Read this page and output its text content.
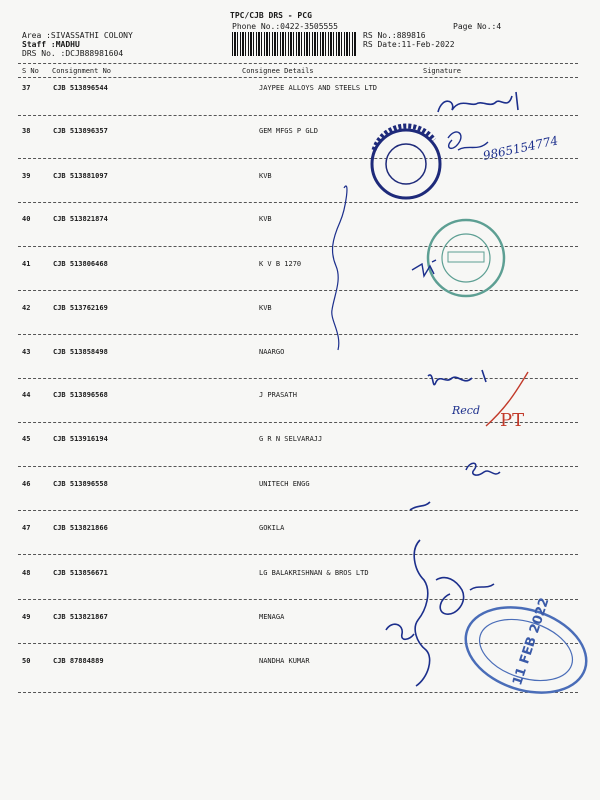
TPC/CJB DRS - PCG
Phone No.:0422-3505555
Area :SIVASSATHI COLONY
Staff :MADHU
DRS No. :DCJB88981604
Page No.:4
RS No.:889816
RS Date:11-Feb-2022
S No Consignment No	Consignee Details	Signature
37	CJB 513896544	JAYPEE ALLOYS AND STEELS LTD
38	CJB 513896357	GEM MFGS P GLD
39	CJB 513881097	KVB
40	CJB 513821874	KVB
41	CJB 513806468	K V B 1270
42	CJB 513762169	KVB
43	CJB 513858498	NAARGO
44	CJB 513896568	J PRASATH
45	CJB 513916194	G R N SELVARAJJ
46	CJB 513896558	UNITECH ENGG
47	CJB 513821866	GOKILA
48	CJB 513856671	LG BALAKRISHNAN & BROS LTD
49	CJB 513821867	MENAGA
50	CJB 87884889	NANDHA KUMAR
9865154774
Recd PT
11 FEB 2022
